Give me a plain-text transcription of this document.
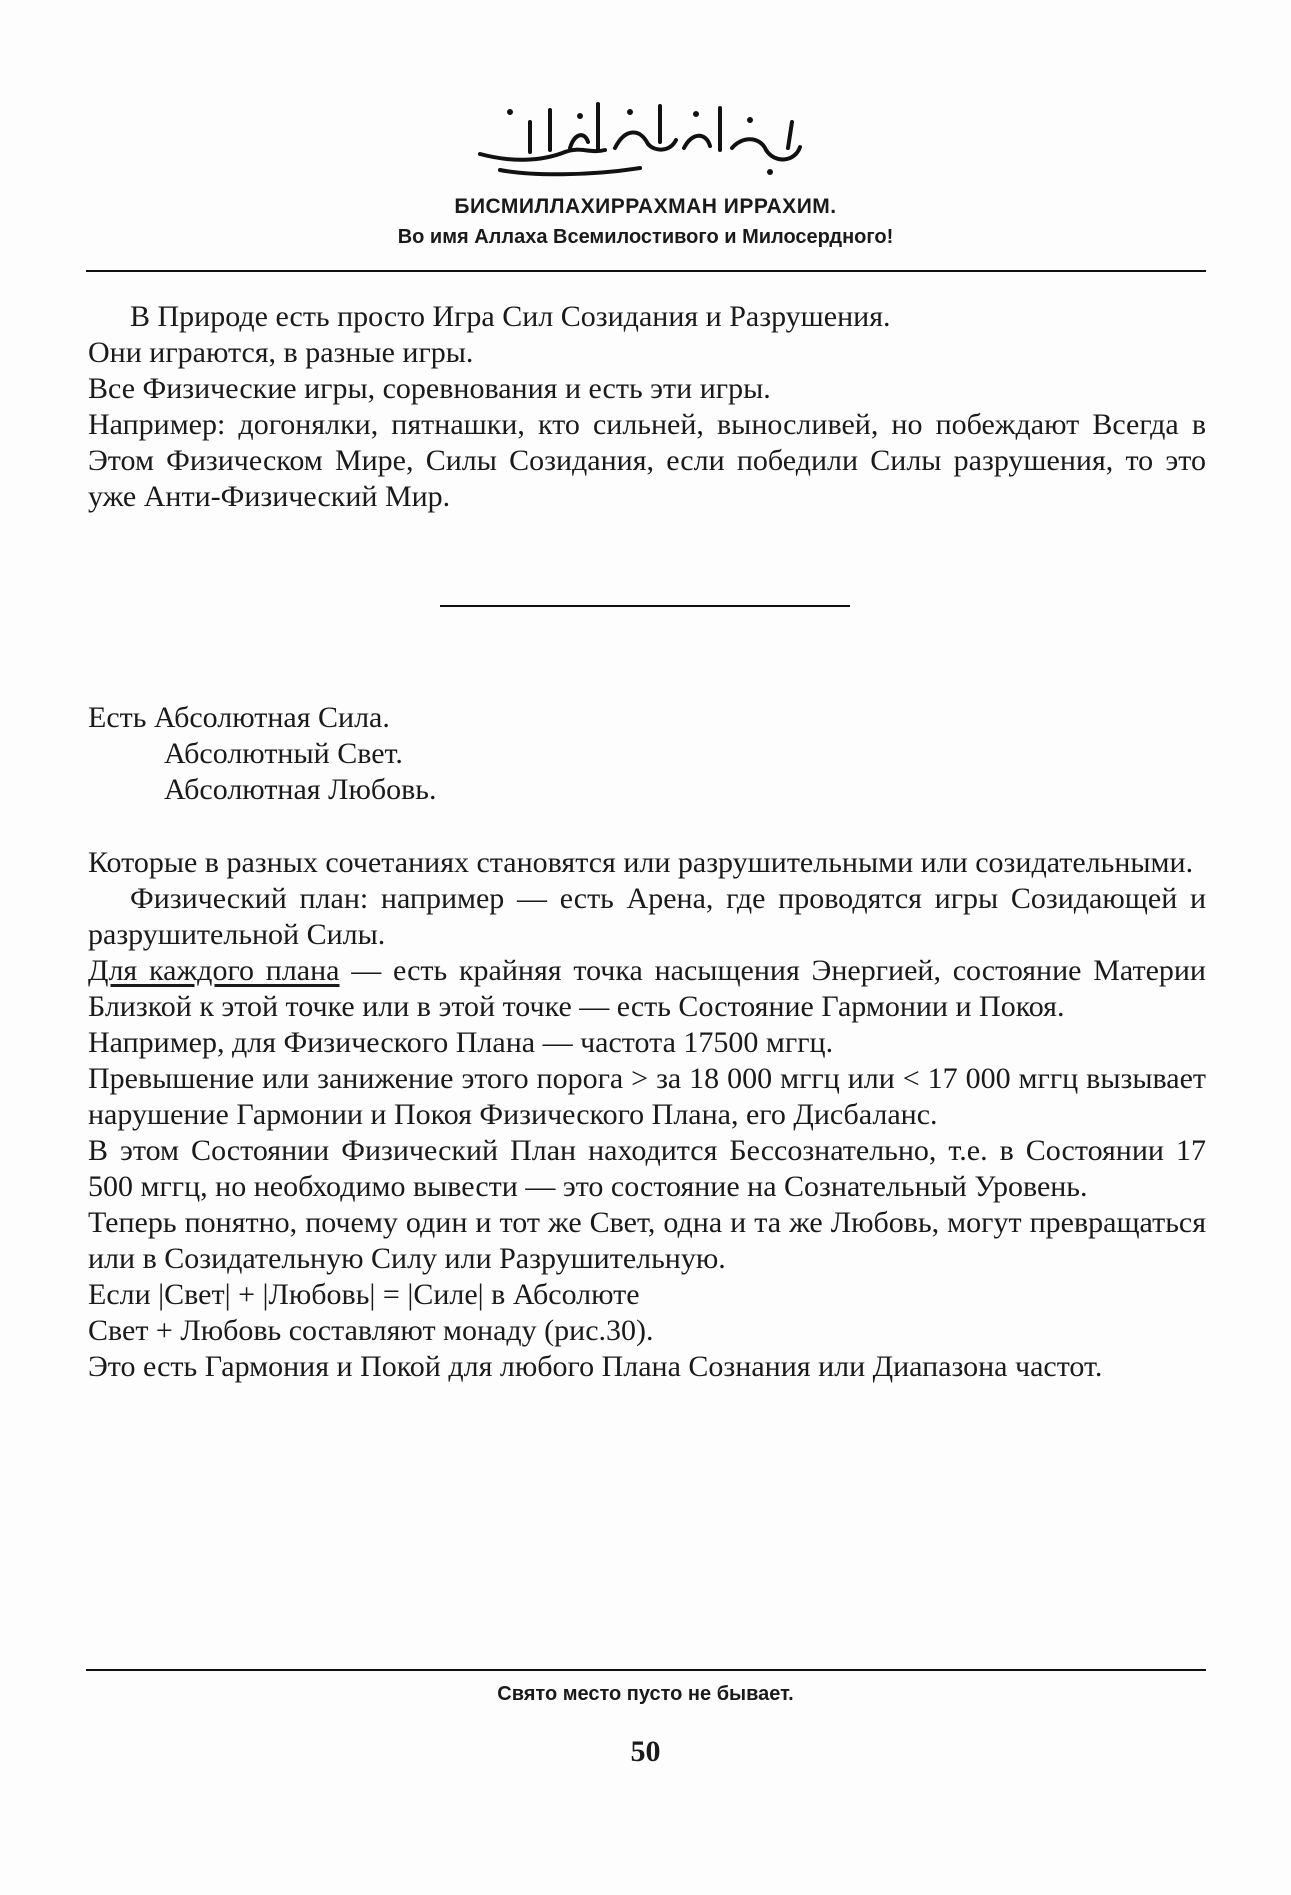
БИСМИЛЛАХИРРАХМАН ИРРАХИМ.
Во имя Аллаха Всемилостивого и Милосердного!

В Природе есть просто Игра Сил Созидания и Разрушения.

Они играются, в разные игры.

Все Физические игры, соревнования и есть эти игры.

Например: догонялки, пятнашки, кто сильней, выносливей, но побеждают Всегда в Этом Физическом Мире, Силы Созидания, если победили Силы разрушения, то это уже Анти-Физический Мир.

Есть Абсолютная Сила.

Абсолютный Свет.

Абсолютная Любовь.

Которые в разных сочетаниях становятся или разрушительными или созидательными.

Физический план: например — есть Арена, где проводятся игры Созидающей и разрушительной Силы.

Для каждого плана — есть крайняя точка насыщения Энергией, состояние Материи Близкой к этой точке или в этой точке — есть Состояние Гармонии и Покоя.

Например, для Физического Плана — частота 17500 мггц.

Превышение или занижение этого порога > за 18 000 мггц или < 17 000 мггц вызывает нарушение Гармонии и Покоя Физического Плана, его Дисбаланс.

В этом Состоянии Физический План находится Бессознательно, т.е. в Состоянии 17 500 мггц, но необходимо вывести — это состояние на Сознательный Уровень.

Теперь понятно, почему один и тот же Свет, одна и та же Любовь, могут превращаться или в Созидательную Силу или Разрушительную.

Если |Свет| + |Любовь| = |Силе| в Абсолюте

Свет + Любовь составляют монаду (рис.30).

Это есть Гармония и Покой для любого Плана Сознания или Диапазона частот.

Свято место пусто не бывает.
50
